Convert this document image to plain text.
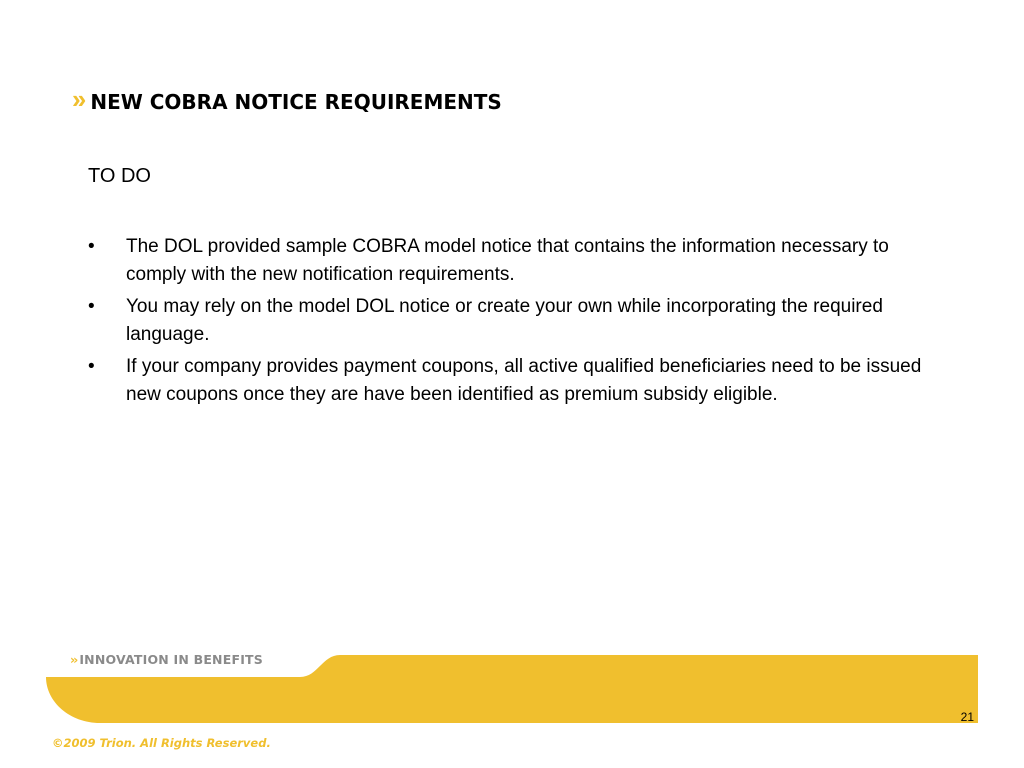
›› NEW COBRA NOTICE REQUIREMENTS
TO DO
• The DOL provided sample COBRA model notice that contains the information necessary to comply with the new notification requirements.
• You may rely on the model DOL notice or create your own while incorporating the required language.
• If your company provides payment coupons, all active qualified beneficiaries need to be issued new coupons once they are have been identified as premium subsidy eligible.
›› INNOVATION IN BENEFITS
›› 21
©2009 Trion. All Rights Reserved.
